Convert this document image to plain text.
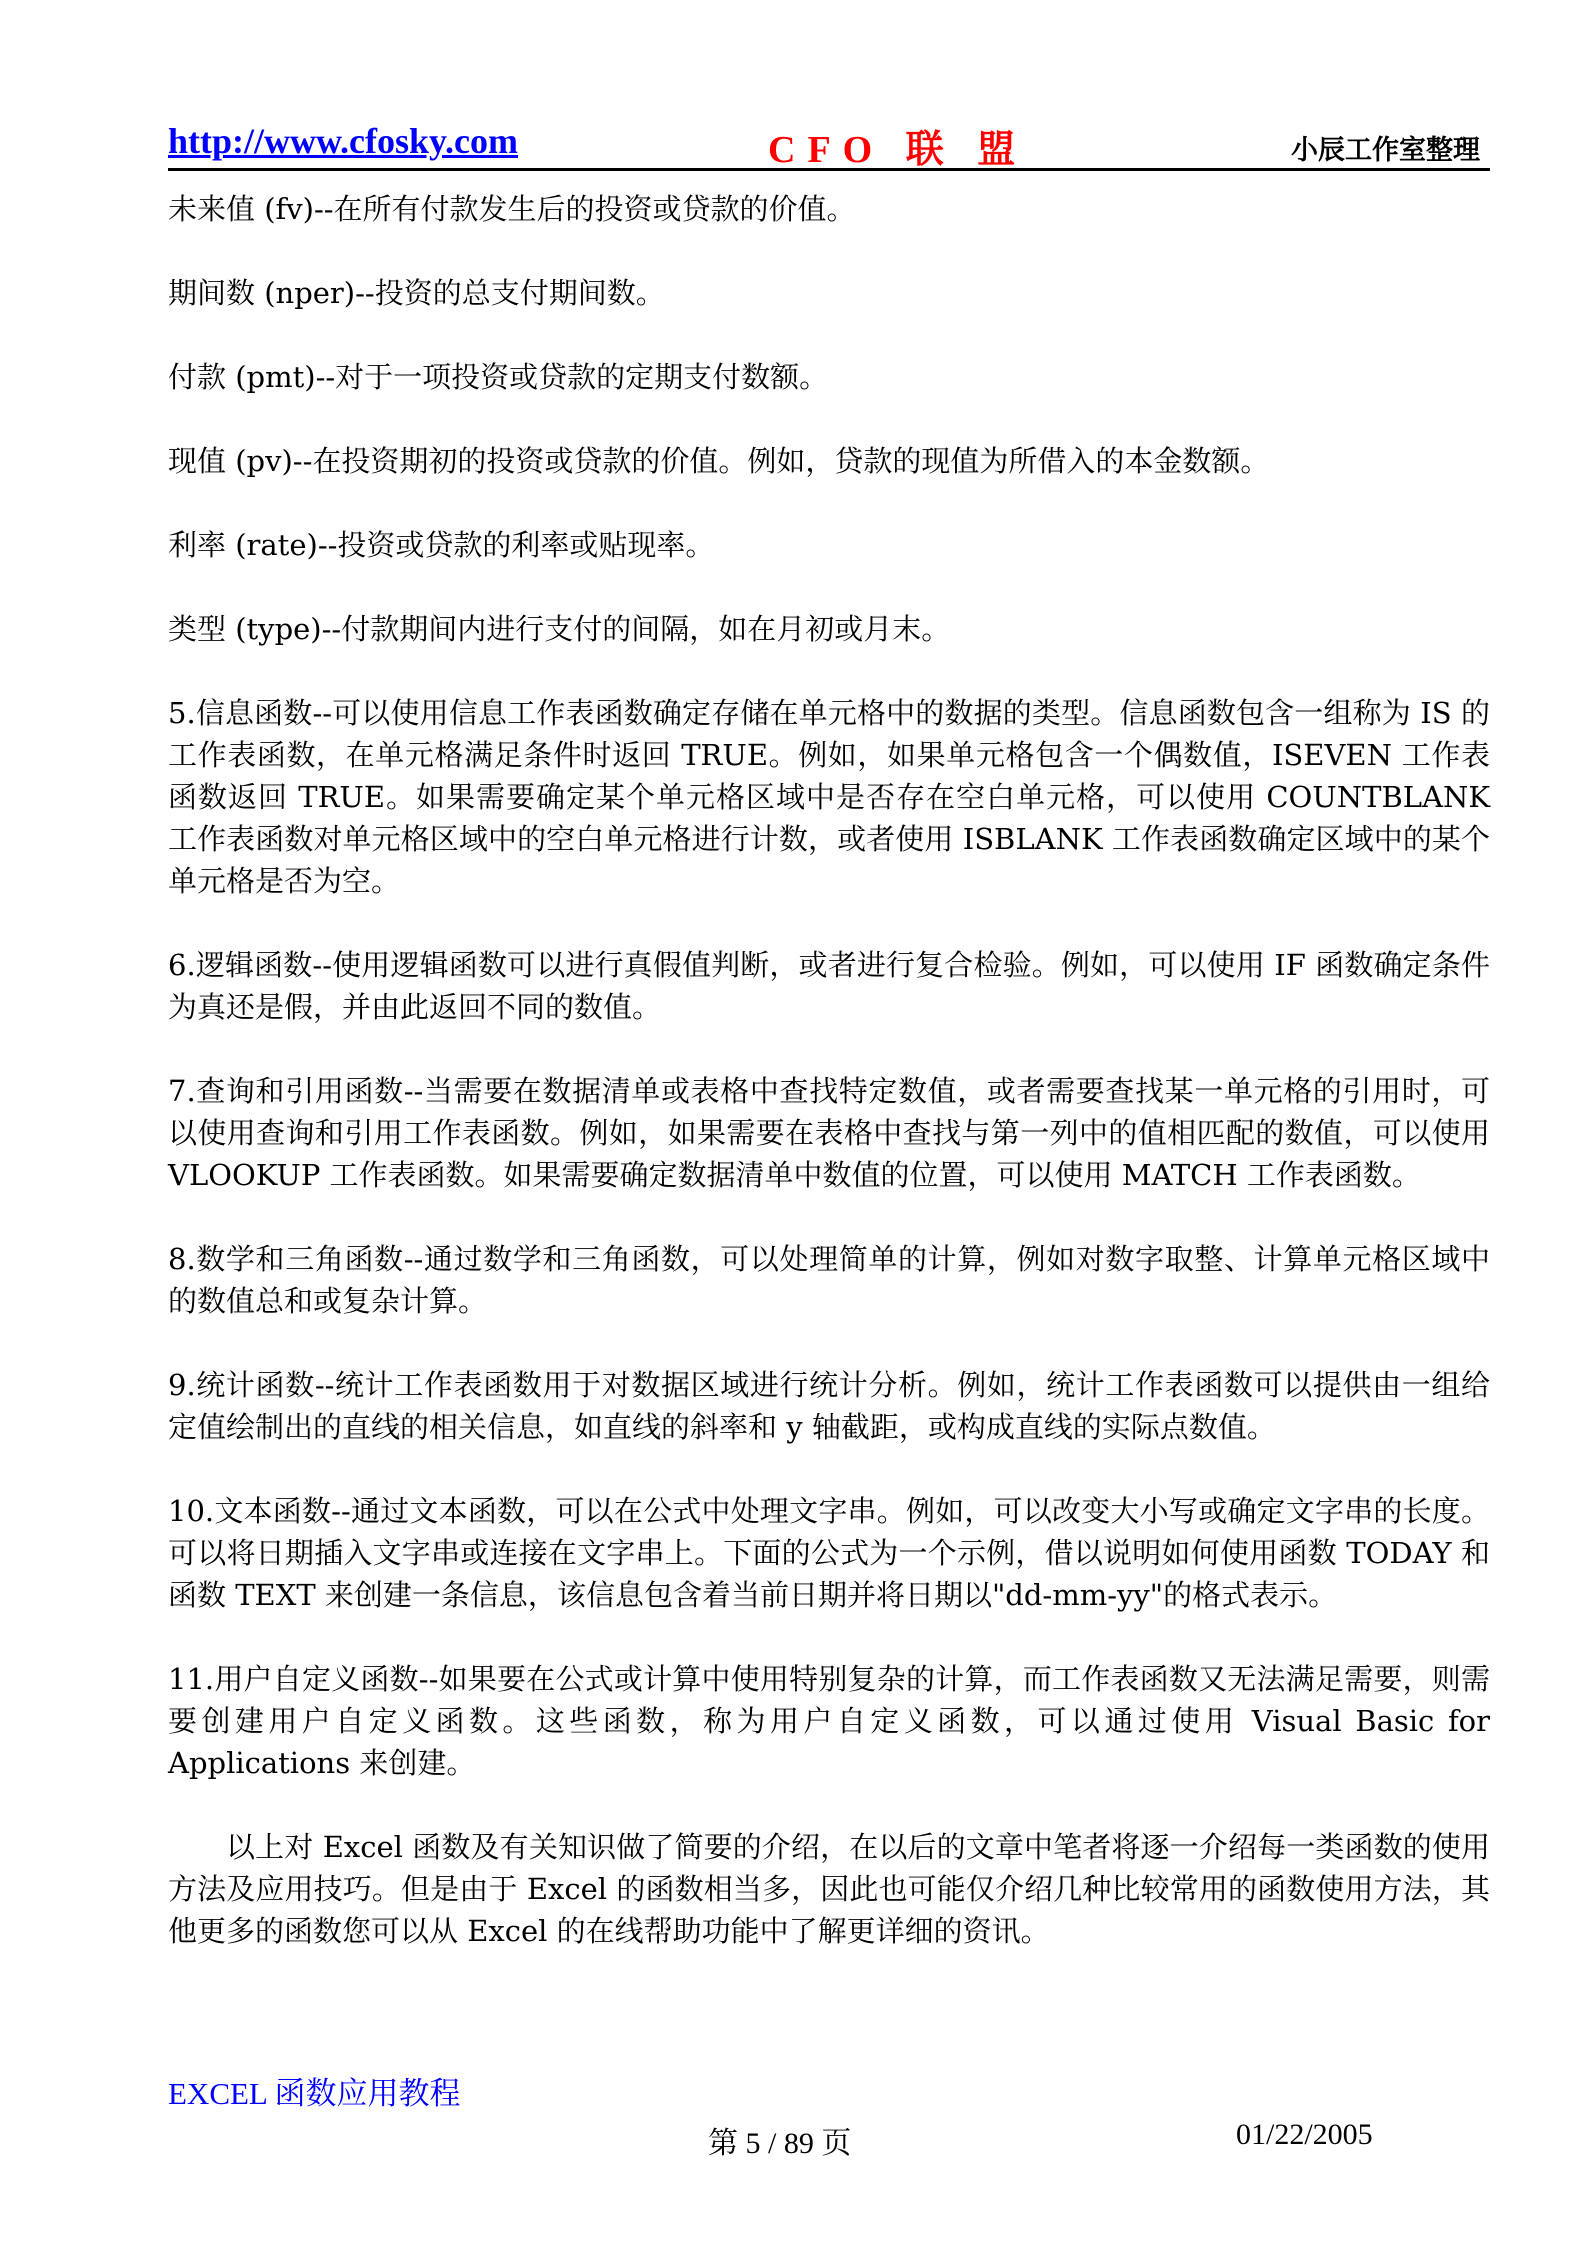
http://www.cfosky.com	CFO 联 盟	小辰工作室整理

未来值 (fv)--在所有付款发生后的投资或贷款的价值。

期间数 (nper)--投资的总支付期间数。

付款 (pmt)--对于一项投资或贷款的定期支付数额。

现值 (pv)--在投资期初的投资或贷款的价值。例如，贷款的现值为所借入的本金数额。

利率 (rate)--投资或贷款的利率或贴现率。

类型 (type)--付款期间内进行支付的间隔，如在月初或月末。

5.信息函数--可以使用信息工作表函数确定存储在单元格中的数据的类型。信息函数包含一组称为 IS 的工作表函数，在单元格满足条件时返回 TRUE。例如，如果单元格包含一个偶数值，ISEVEN 工作表函数返回 TRUE。如果需要确定某个单元格区域中是否存在空白单元格，可以使用 COUNTBLANK 工作表函数对单元格区域中的空白单元格进行计数，或者使用 ISBLANK 工作表函数确定区域中的某个单元格是否为空。

6.逻辑函数--使用逻辑函数可以进行真假值判断，或者进行复合检验。例如，可以使用 IF 函数确定条件为真还是假，并由此返回不同的数值。

7.查询和引用函数--当需要在数据清单或表格中查找特定数值，或者需要查找某一单元格的引用时，可以使用查询和引用工作表函数。例如，如果需要在表格中查找与第一列中的值相匹配的数值，可以使用 VLOOKUP 工作表函数。如果需要确定数据清单中数值的位置，可以使用 MATCH 工作表函数。

8.数学和三角函数--通过数学和三角函数，可以处理简单的计算，例如对数字取整、计算单元格区域中的数值总和或复杂计算。

9.统计函数--统计工作表函数用于对数据区域进行统计分析。例如，统计工作表函数可以提供由一组给定值绘制出的直线的相关信息，如直线的斜率和 y 轴截距，或构成直线的实际点数值。

10.文本函数--通过文本函数，可以在公式中处理文字串。例如，可以改变大小写或确定文字串的长度。可以将日期插入文字串或连接在文字串上。下面的公式为一个示例，借以说明如何使用函数 TODAY 和函数 TEXT 来创建一条信息，该信息包含着当前日期并将日期以"dd-mm-yy"的格式表示。

11.用户自定义函数--如果要在公式或计算中使用特别复杂的计算，而工作表函数又无法满足需要，则需要创建用户自定义函数。这些函数，称为用户自定义函数，可以通过使用 Visual Basic for Applications 来创建。

以上对 Excel 函数及有关知识做了简要的介绍，在以后的文章中笔者将逐一介绍每一类函数的使用方法及应用技巧。但是由于 Excel 的函数相当多，因此也可能仅介绍几种比较常用的函数使用方法，其他更多的函数您可以从 Excel 的在线帮助功能中了解更详细的资讯。

EXCEL 函数应用教程
第 5 / 89 页	01/22/2005
